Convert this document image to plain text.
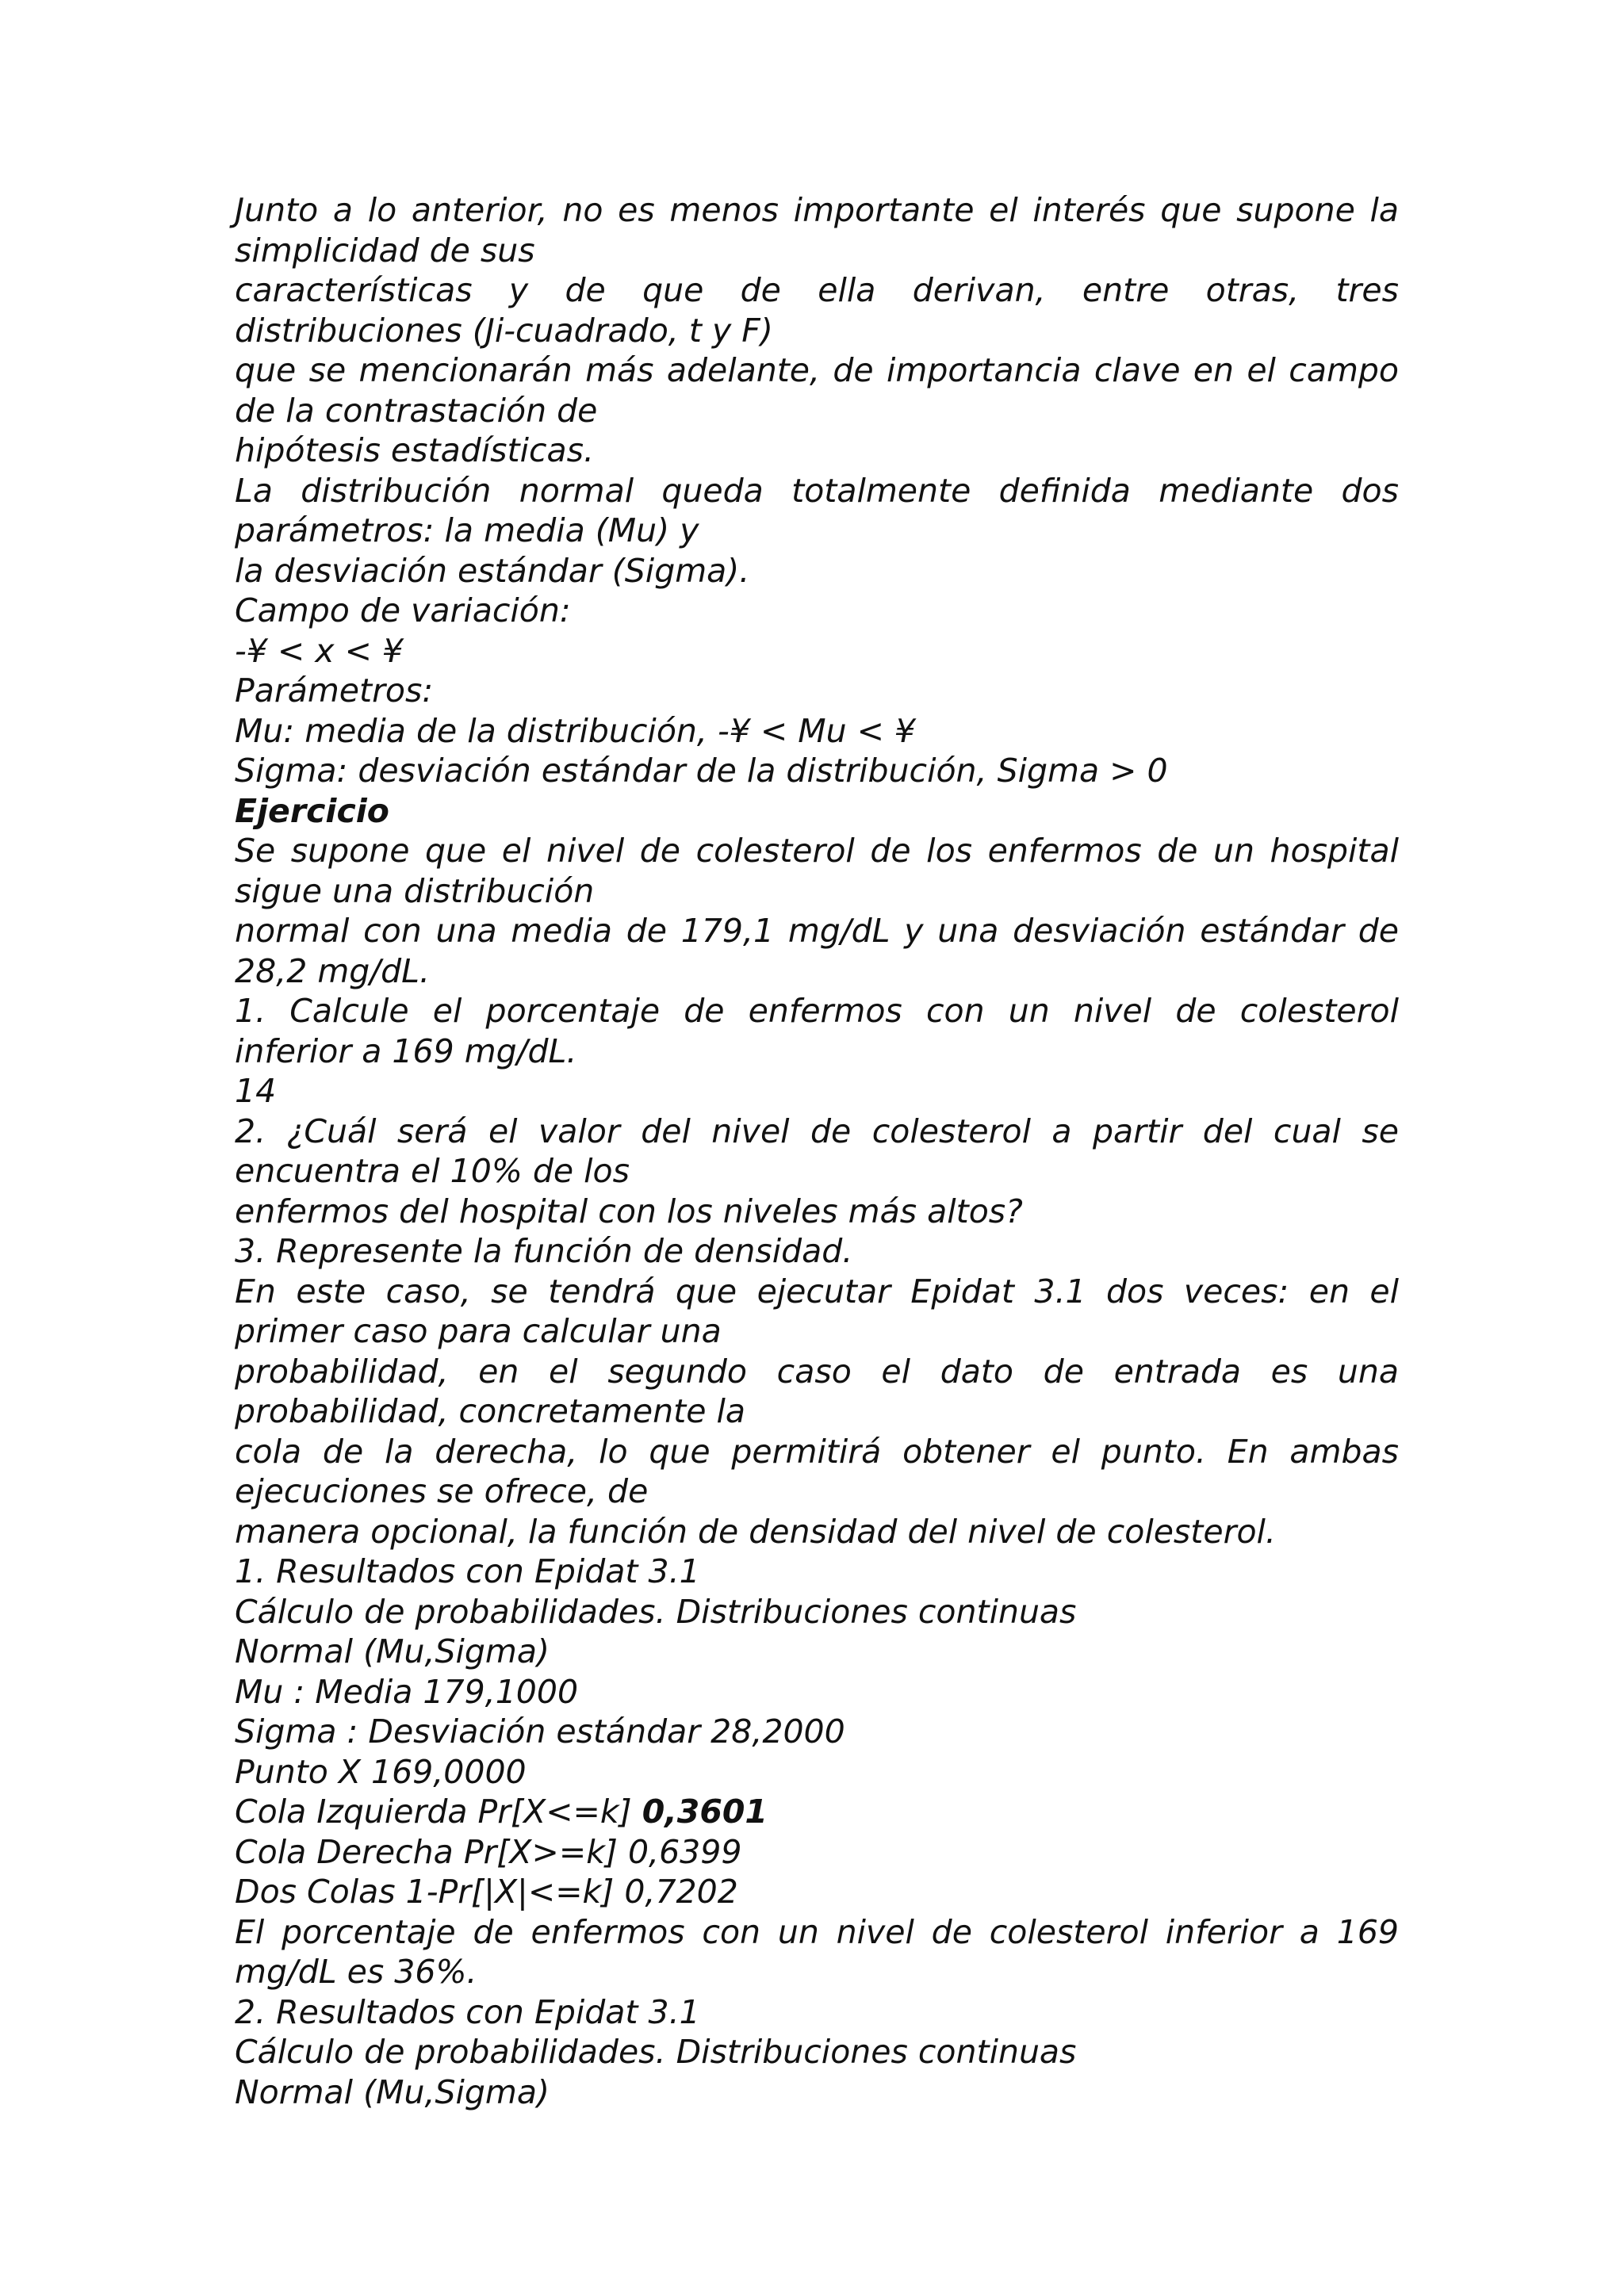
Junto a lo anterior, no es menos importante el interés que supone la
simplicidad de sus
características y de que de ella derivan, entre otras, tres
distribuciones (Ji-cuadrado, t y F)
que se mencionarán más adelante, de importancia clave en el campo
de la contrastación de
hipótesis estadísticas.
La distribución normal queda totalmente definida mediante dos
parámetros: la media (Mu) y
la desviación estándar (Sigma).
Campo de variación:
-¥ < x < ¥
Parámetros:
Mu: media de la distribución, -¥ < Mu < ¥
Sigma: desviación estándar de la distribución, Sigma > 0
Ejercicio
Se supone que el nivel de colesterol de los enfermos de un hospital
sigue una distribución
normal con una media de 179,1 mg/dL y una desviación estándar de
28,2 mg/dL.
1. Calcule el porcentaje de enfermos con un nivel de colesterol
inferior a 169 mg/dL.
14
2. ¿Cuál será el valor del nivel de colesterol a partir del cual se
encuentra el 10% de los
enfermos del hospital con los niveles más altos?
3. Represente la función de densidad.
En este caso, se tendrá que ejecutar Epidat 3.1 dos veces: en el
primer caso para calcular una
probabilidad, en el segundo caso el dato de entrada es una
probabilidad, concretamente la
cola de la derecha, lo que permitirá obtener el punto. En ambas
ejecuciones se ofrece, de
manera opcional, la función de densidad del nivel de colesterol.
1. Resultados con Epidat 3.1
Cálculo de probabilidades. Distribuciones continuas
Normal (Mu,Sigma)
Mu : Media 179,1000
Sigma : Desviación estándar 28,2000
Punto X 169,0000
Cola Izquierda Pr[X<=k] 0,3601
Cola Derecha Pr[X>=k] 0,6399
Dos Colas 1-Pr[|X|<=k] 0,7202
El porcentaje de enfermos con un nivel de colesterol inferior a 169
mg/dL es 36%.
2. Resultados con Epidat 3.1
Cálculo de probabilidades. Distribuciones continuas
Normal (Mu,Sigma)
